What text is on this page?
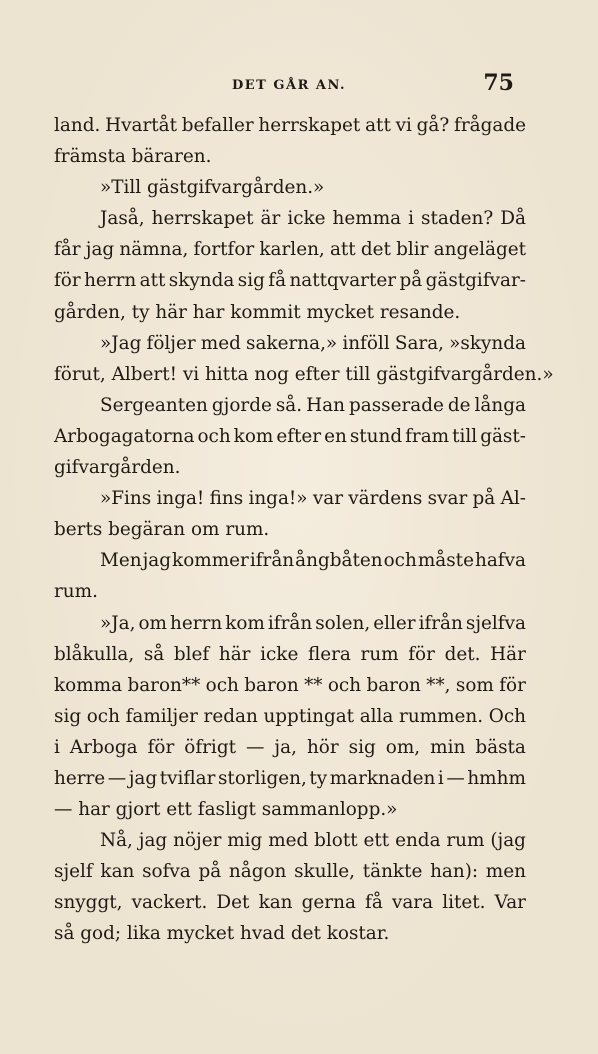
DET GÅR AN.	75
land. Hvartåt befaller herrskapet att vi gå? frågade
främsta bäraren.
»Till gästgifvargården.»
Jaså, herrskapet är icke hemma i staden? Då
får jag nämna, fortfor karlen, att det blir angeläget
för herrn att skynda sig få nattqvarter på gästgifvar-
gården, ty här har kommit mycket resande.
»Jag följer med sakerna,» inföll Sara, »skynda
förut, Albert! vi hitta nog efter till gästgifvargården.»
Sergeanten gjorde så. Han passerade de långa
Arbogagatorna och kom efter en stund fram till gäst-
gifvargården.
»Fins inga! fins inga!» var värdens svar på Al-
berts begäran om rum.
Men jag kommer ifrån ångbåten och måste hafva
rum.
»Ja, om herrn kom ifrån solen, eller ifrån sjelfva
blåkulla, så blef här icke flera rum för det. Här
komma baron** och baron ** och baron **, som för
sig och familjer redan upptingat alla rummen. Och
i Arboga för öfrigt — ja, hör sig om, min bästa
herre — jag tviflar storligen, ty marknaden i — hmhm
— har gjort ett fasligt sammanlopp.»
Nå, jag nöjer mig med blott ett enda rum (jag
sjelf kan sofva på någon skulle, tänkte han): men
snyggt, vackert. Det kan gerna få vara litet. Var
så god; lika mycket hvad det kostar.
